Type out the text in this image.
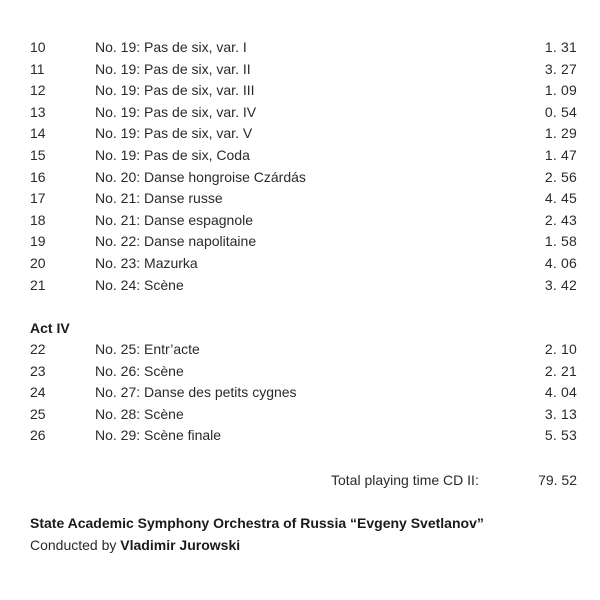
10	No. 19: Pas de six, var. I	1. 31
11	No. 19: Pas de six, var. II	3. 27
12	No. 19: Pas de six, var. III	1. 09
13	No. 19: Pas de six, var. IV	0. 54
14	No. 19: Pas de six, var. V	1. 29
15	No. 19: Pas de six, Coda	1. 47
16	No. 20: Danse hongroise Czárdás	2. 56
17	No. 21: Danse russe	4. 45
18	No. 21: Danse espagnole	2. 43
19	No. 22: Danse napolitaine	1. 58
20	No. 23: Mazurka	4. 06
21	No. 24: Scène	3. 42
Act IV
22	No. 25: Entr’acte	2. 10
23	No. 26: Scène	2. 21
24	No. 27: Danse des petits cygnes	4. 04
25	No. 28: Scène	3. 13
26	No. 29: Scène finale	5. 53
Total playing time CD II:	79. 52
State Academic Symphony Orchestra of Russia “Evgeny Svetlanov”
Conducted by Vladimir Jurowski
